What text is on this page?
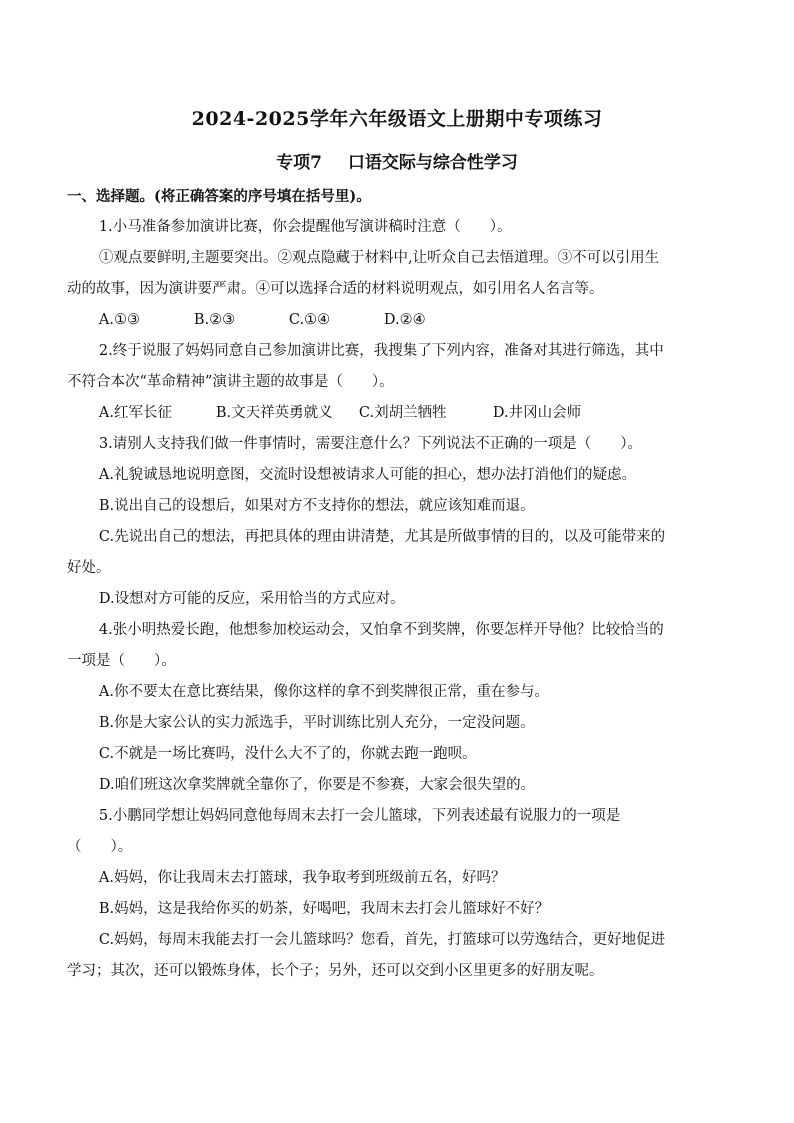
2024-2025学年六年级语文上册期中专项练习
专项7 口语交际与综合性学习

一、选择题。(将正确答案的序号填在括号里)。

1.小马准备参加演讲比赛，你会提醒他写演讲稿时注意（　　）。

①观点要鲜明,主题要突出。②观点隐藏于材料中,让听众自己去悟道理。③不可以引用生

动的故事，因为演讲要严肃。④可以选择合适的材料说明观点，如引用名人名言等。

A.①③	B.②③	C.①④	D.②④

2.终于说服了妈妈同意自己参加演讲比赛，我搜集了下列内容，准备对其进行筛选，其中

不符合本次“革命精神”演讲主题的故事是（　　）。

A.红军长征	B.文天祥英勇就义 C.刘胡兰牺牲	D.井冈山会师

3.请别人支持我们做一件事情时，需要注意什么？下列说法不正确的一项是（　　）。

A.礼貌诚恳地说明意图，交流时设想被请求人可能的担心，想办法打消他们的疑虑。

B.说出自己的设想后，如果对方不支持你的想法，就应该知难而退。

C.先说出自己的想法，再把具体的理由讲清楚，尤其是所做事情的目的，以及可能带来的

好处。

D.设想对方可能的反应，采用恰当的方式应对。

4.张小明热爱长跑，他想参加校运动会，又怕拿不到奖牌，你要怎样开导他？比较恰当的

一项是（　　）。

A.你不要太在意比赛结果，像你这样的拿不到奖牌很正常，重在参与。

B.你是大家公认的实力派选手，平时训练比别人充分，一定没问题。

C.不就是一场比赛吗，没什么大不了的，你就去跑一跑呗。

D.咱们班这次拿奖牌就全靠你了，你要是不参赛，大家会很失望的。

5.小鹏同学想让妈妈同意他每周末去打一会儿篮球，下列表述最有说服力的一项是

（　　）。

A.妈妈，你让我周末去打篮球，我争取考到班级前五名，好吗？

B.妈妈，这是我给你买的奶茶，好喝吧，我周末去打会儿篮球好不好？

C.妈妈，每周末我能去打一会儿篮球吗？您看，首先，打篮球可以劳逸结合，更好地促进

学习；其次，还可以锻炼身体，长个子；另外，还可以交到小区里更多的好朋友呢。
